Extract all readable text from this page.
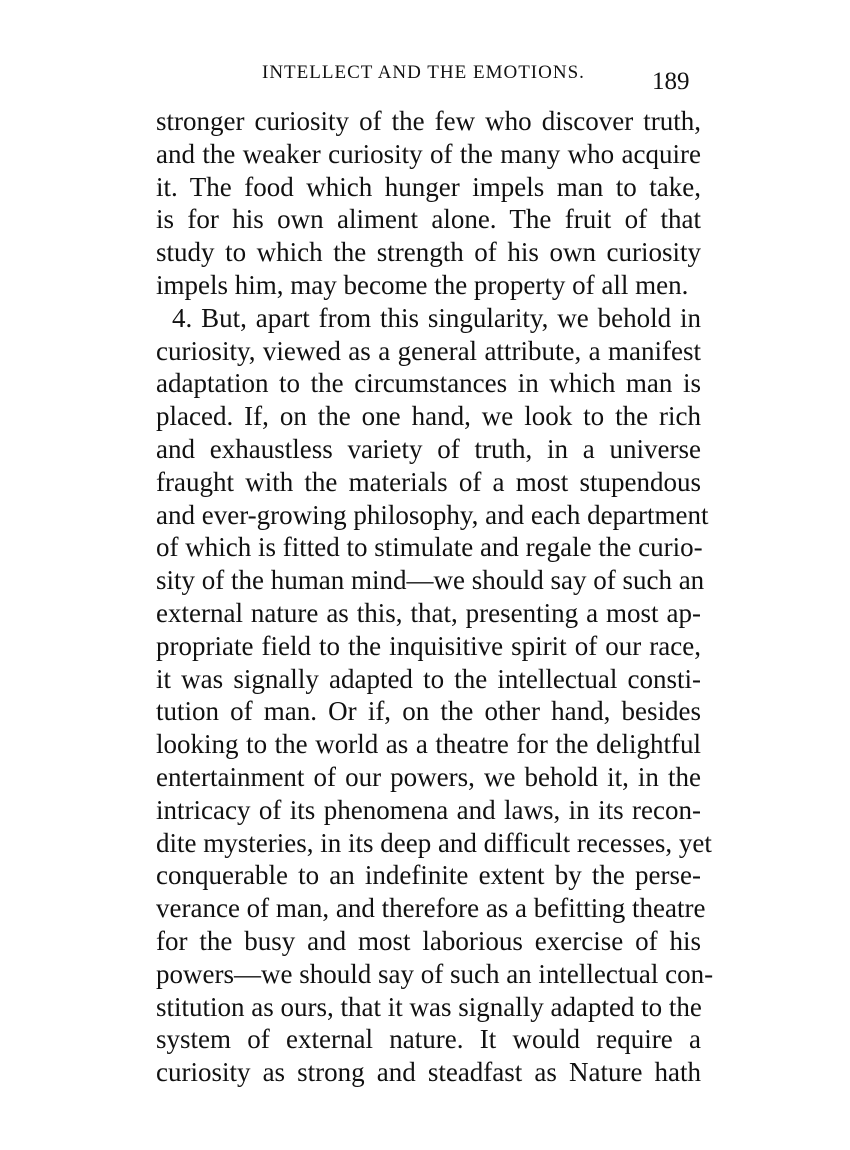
INTELLECT AND THE EMOTIONS.	189
stronger curiosity of the few who discover truth,
and the weaker curiosity of the many who acquire
it. The food which hunger impels man to take,
is for his own aliment alone. The fruit of that
study to which the strength of his own curiosity
impels him, may become the property of all men.
4. But, apart from this singularity, we behold in
curiosity, viewed as a general attribute, a manifest
adaptation to the circumstances in which man is
placed. If, on the one hand, we look to the rich
and exhaustless variety of truth, in a universe
fraught with the materials of a most stupendous
and ever-growing philosophy, and each department
of which is fitted to stimulate and regale the curio-
sity of the human mind—we should say of such an
external nature as this, that, presenting a most ap-
propriate field to the inquisitive spirit of our race,
it was signally adapted to the intellectual consti-
tution of man. Or if, on the other hand, besides
looking to the world as a theatre for the delightful
entertainment of our powers, we behold it, in the
intricacy of its phenomena and laws, in its recon-
dite mysteries, in its deep and difficult recesses, yet
conquerable to an indefinite extent by the perse-
verance of man, and therefore as a befitting theatre
for the busy and most laborious exercise of his
powers—we should say of such an intellectual con-
stitution as ours, that it was signally adapted to the
system of external nature. It would require a
curiosity as strong and steadfast as Nature hath
